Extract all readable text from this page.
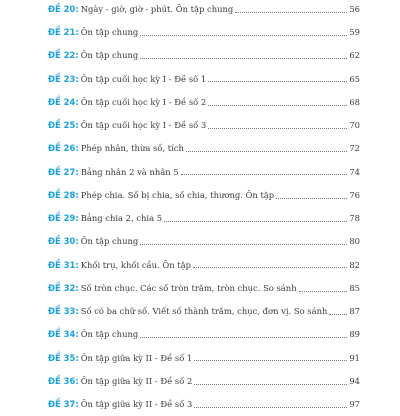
ĐỀ 20: Ngày - giờ, giờ - phút. Ôn tập chung	56
ĐỀ 21: Ôn tập chung	59
ĐỀ 22: Ôn tập chung	62
ĐỀ 23: Ôn tập cuối học kỳ I - Đề số 1	65
ĐỀ 24: Ôn tập cuối học kỳ I - Đề số 2	68
ĐỀ 25: Ôn tập cuối học kỳ I - Đề số 3	70
ĐỀ 26: Phép nhân, thừa số, tích	72
ĐỀ 27: Bảng nhân 2 và nhân 5	74
ĐỀ 28: Phép chia. Số bị chia, số chia, thương. Ôn tập	76
ĐỀ 29: Bảng chia 2, chia 5	78
ĐỀ 30: Ôn tập chung	80
ĐỀ 31: Khối trụ, khối cầu. Ôn tập	82
ĐỀ 32: Số tròn chục. Các số tròn trăm, tròn chục. So sánh	85
ĐỀ 33: Số có ba chữ số. Viết số thành trăm, chục, đơn vị. So sánh	87
ĐỀ 34: Ôn tập chung	89
ĐỀ 35: Ôn tập giữa kỳ II - Đề số 1	91
ĐỀ 36: Ôn tập giữa kỳ II - Đề số 2	94
ĐỀ 37: Ôn tập giữa kỳ II - Đề số 3	97
